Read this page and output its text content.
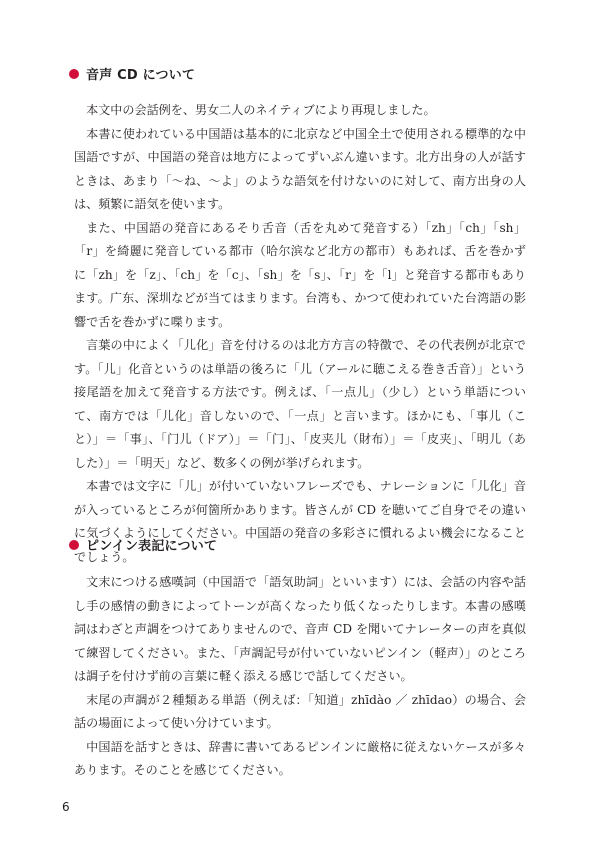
音声 CD について

本文中の会話例を、男女二人のネイティブにより再現しました。

本書に使われている中国語は基本的に北京など中国全土で使用される標準的な中国語ですが、中国語の発音は地方によってずいぶん違います。北方出身の人が話すときは、あまり「～ね、～よ」のような語気を付けないのに対して、南方出身の人は、頻繁に語気を使います。

また、中国語の発音にあるそり舌音（舌を丸めて発音する）「zh」「ch」「sh」「r」を綺麗に発音している都市（哈尔滨など北方の都市）もあれば、舌を巻かずに「zh」を「z」、「ch」を「c」、「sh」を「s」、「r」を「l」と発音する都市もあります。广东、深圳などが当てはまります。台湾も、かつて使われていた台湾語の影響で舌を巻かずに喋ります。

言葉の中によく「儿化」音を付けるのは北方方言の特徴で、その代表例が北京です。「儿」化音というのは単語の後ろに「儿（アールに聴こえる巻き舌音）」という接尾語を加えて発音する方法です。例えば、「一点儿」（少し）という単語について、南方では「儿化」音しないので、「一点」と言います。ほかにも、「事儿（こと）」＝「事」、「门儿（ドア）」＝「门」、「皮夹儿（財布）」＝「皮夹」、「明儿（あした）」＝「明天」など、数多くの例が挙げられます。

本書では文字に「儿」が付いていないフレーズでも、ナレーションに「儿化」音が入っているところが何箇所かあります。皆さんが CD を聴いてご自身でその違いに気づくようにしてください。中国語の発音の多彩さに慣れるよい機会になることでしょう。

ピンイン表記について

文末につける感嘆詞（中国語で「語気助詞」といいます）には、会話の内容や話し手の感情の動きによってトーンが高くなったり低くなったりします。本書の感嘆詞はわざと声調をつけてありませんので、音声 CD を聞いてナレーターの声を真似て練習してください。また、「声調記号が付いていないピンイン（軽声）」のところは調子を付けず前の言葉に軽く添える感じで話してください。

末尾の声調が２種類ある単語（例えば：「知道」zhīdào ／ zhīdao）の場合、会話の場面によって使い分けています。

中国語を話すときは、辞書に書いてあるピンインに厳格に従えないケースが多々あります。そのことを感じてください。

6
